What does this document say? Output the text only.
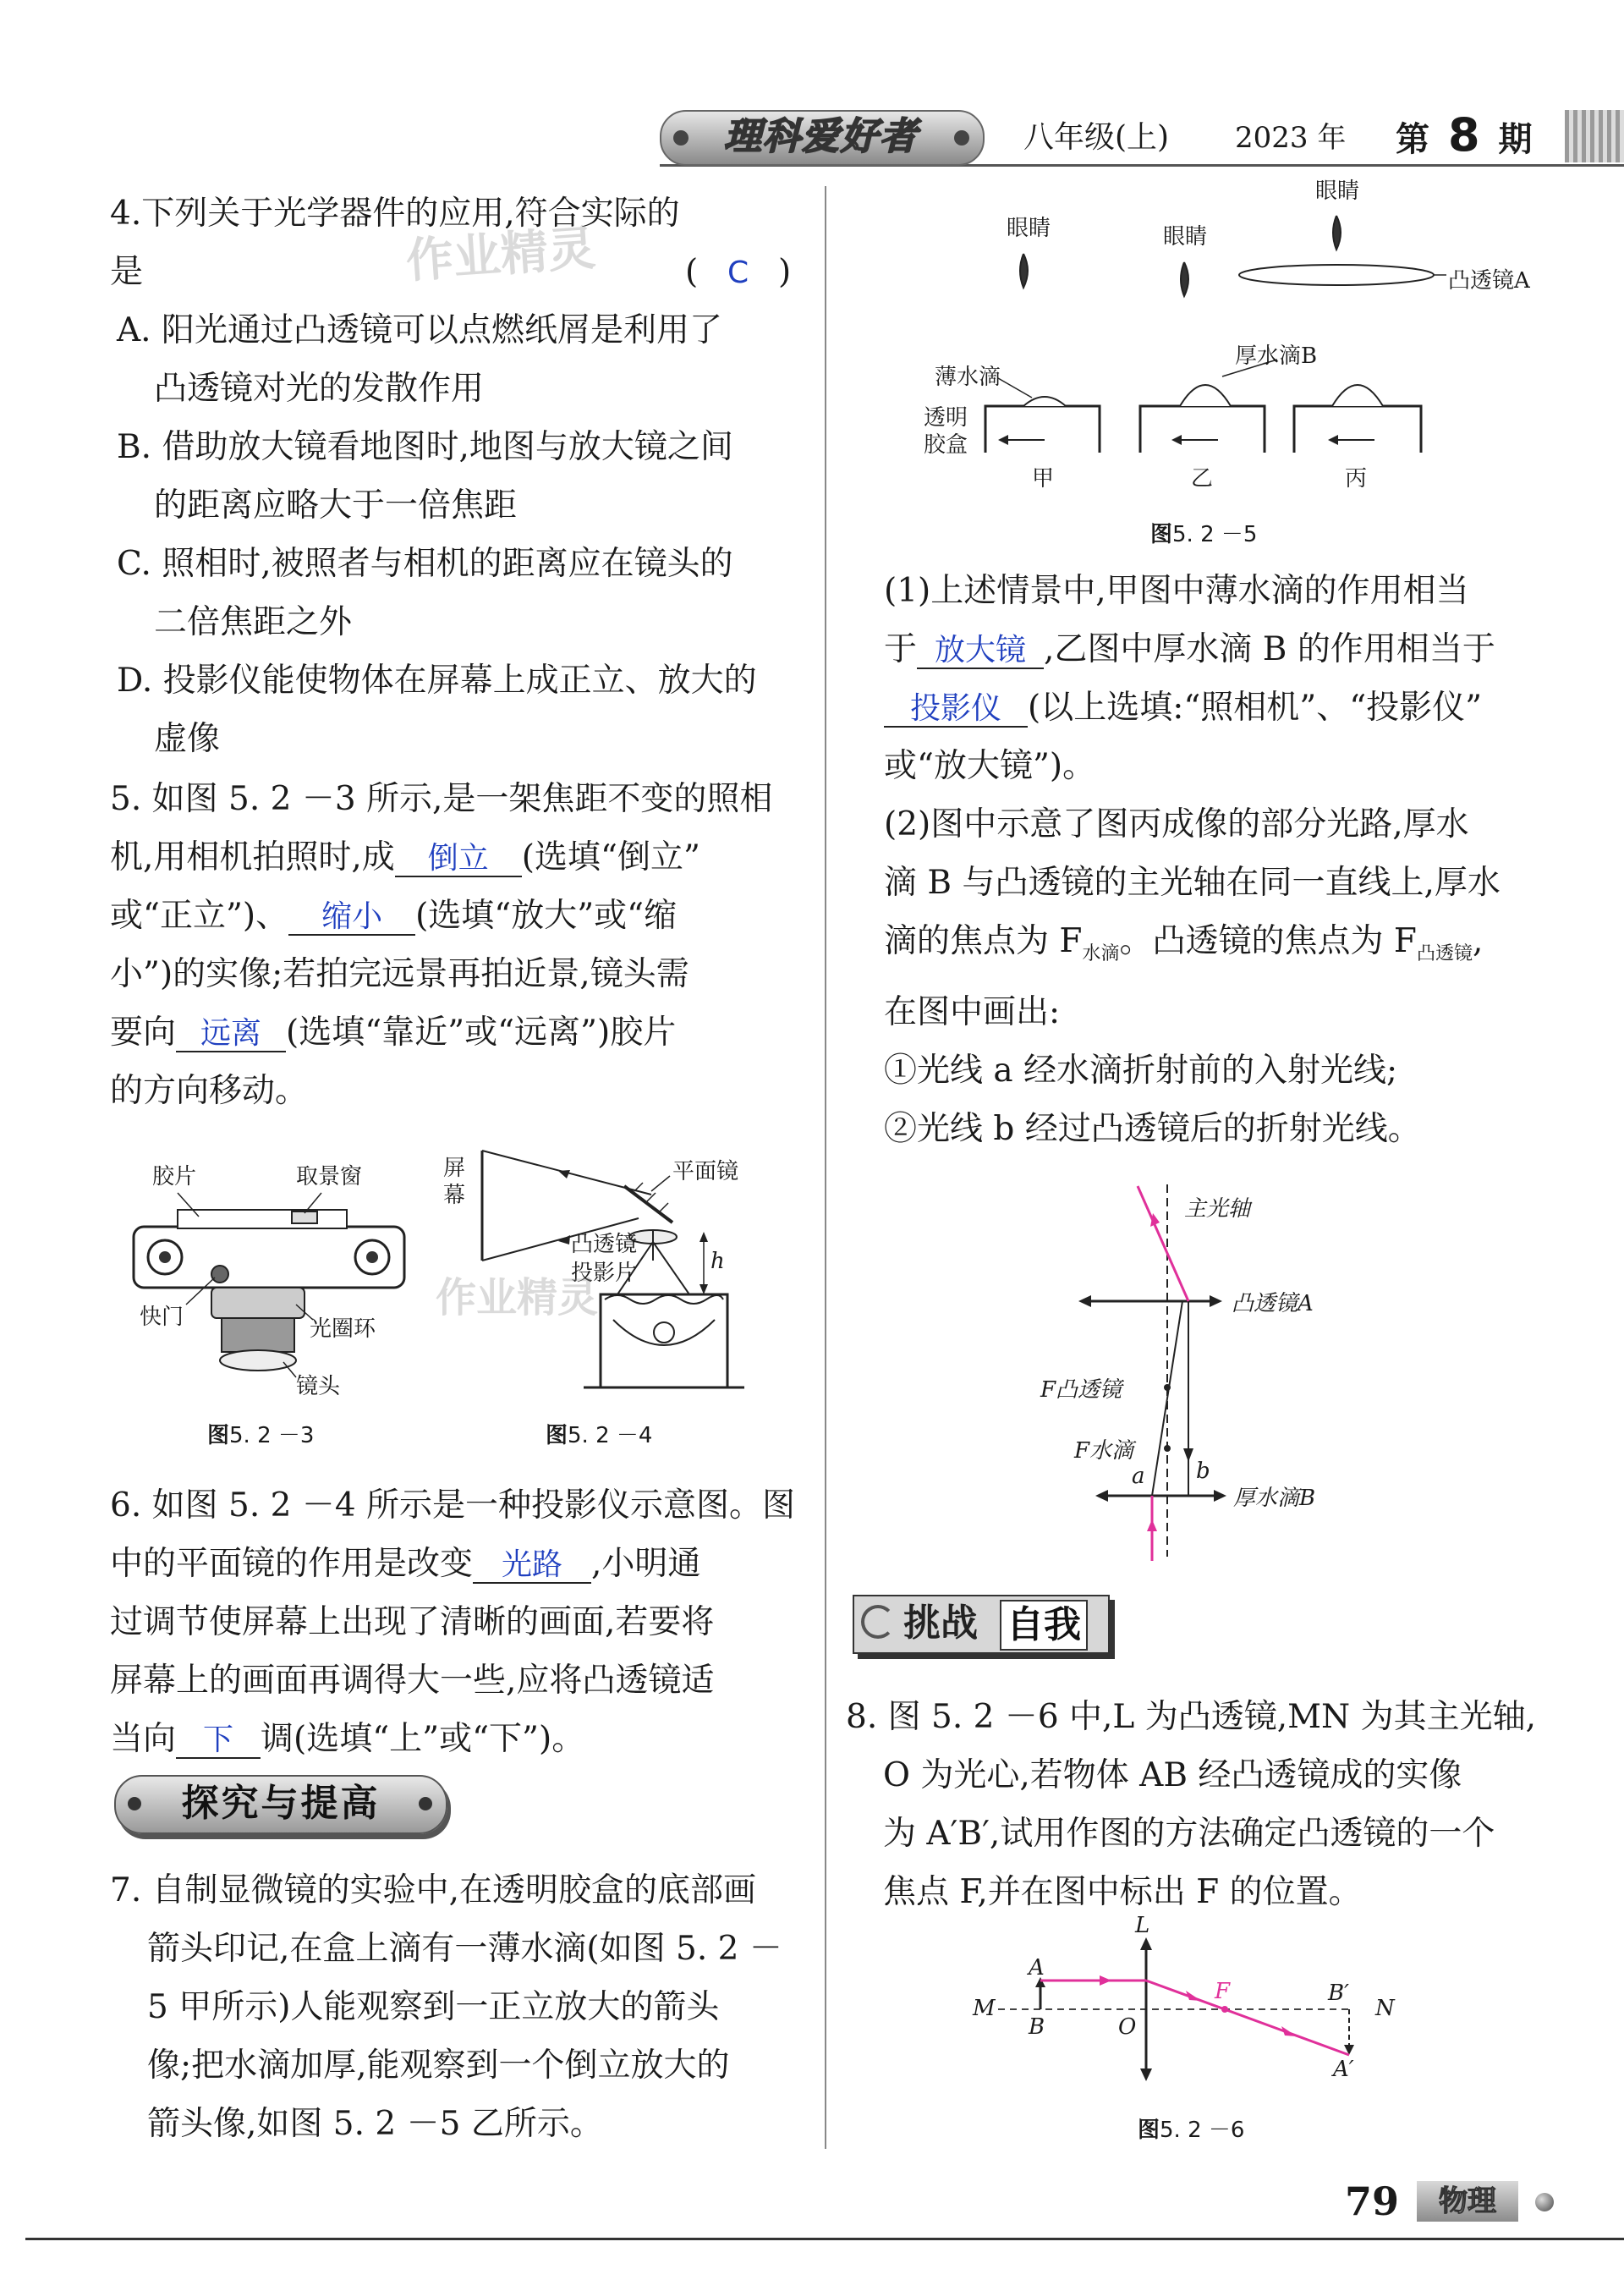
理科爱好者	八年级(上) 2023 年 第 8 期
4.下列关于光学器件的应用,符合实际的
是	( C )
A. 阳光通过凸透镜可以点燃纸屑是利用了
凸透镜对光的发散作用
B. 借助放大镜看地图时,地图与放大镜之间
的距离应略大于一倍焦距
C. 照相时,被照者与相机的距离应在镜头的
二倍焦距之外
D. 投影仪能使物体在屏幕上成正立、放大的
虚像
作业精灵
5. 如图 5. 2 －3 所示,是一架焦距不变的照相
机,用相机拍照时,成 倒立 (选填“倒立”
或“正立”)、 缩小 (选填“放大”或“缩
小”)的实像;若拍完远景再拍近景,镜头需
要向 远离 (选填“靠近”或“远离”)胶片
的方向移动。
胶片	取景窗
快门	光圈环
镜头
图5. 2 －3
屏
幕
平面镜
凸透镜
投影片	h
作业精灵
图5. 2 －4
6. 如图 5. 2 －4 所示是一种投影仪示意图。图
中的平面镜的作用是改变 光路 ,小明通
过调节使屏幕上出现了清晰的画面,若要将
屏幕上的画面再调得大一些,应将凸透镜适
当向 下 调(选填“上”或“下”)。
探究与提高
7. 自制显微镜的实验中,在透明胶盒的底部画
箭头印记,在盒上滴有一薄水滴(如图 5. 2 －
5 甲所示)人能观察到一正立放大的箭头
像;把水滴加厚,能观察到一个倒立放大的
箭头像,如图 5. 2 －5 乙所示。
眼睛	眼睛
眼睛
凸透镜A
薄水滴
厚水滴B
透明
胶盒
甲	乙	丙
图5. 2 －5
(1)上述情景中,甲图中薄水滴的作用相当
于 放大镜 ,乙图中厚水滴 B 的作用相当于
投影仪 (以上选填:“照相机”、“投影仪”
或“放大镜”)。
(2)图中示意了图丙成像的部分光路,厚水
滴 B 与凸透镜的主光轴在同一直线上,厚水
滴的焦点为 $F_{水滴}$。凸透镜的焦点为 $F_{凸透镜}$,
在图中画出:
①光线 a 经水滴折射前的入射光线;
②光线 b 经过凸透镜后的折射光线。
主光轴
凸透镜A
F凸透镜
F水滴
a b
厚水滴B
挑战 自我
8. 图 5. 2 －6 中,L 为凸透镜,MN 为其主光轴,
O 为光心,若物体 AB 经凸透镜成的实像
为 A′B′,试用作图的方法确定凸透镜的一个
焦点 F,并在图中标出 F 的位置。
A
B
L
M	N
O
F	B′
A′
图5. 2 －6
79	物理
